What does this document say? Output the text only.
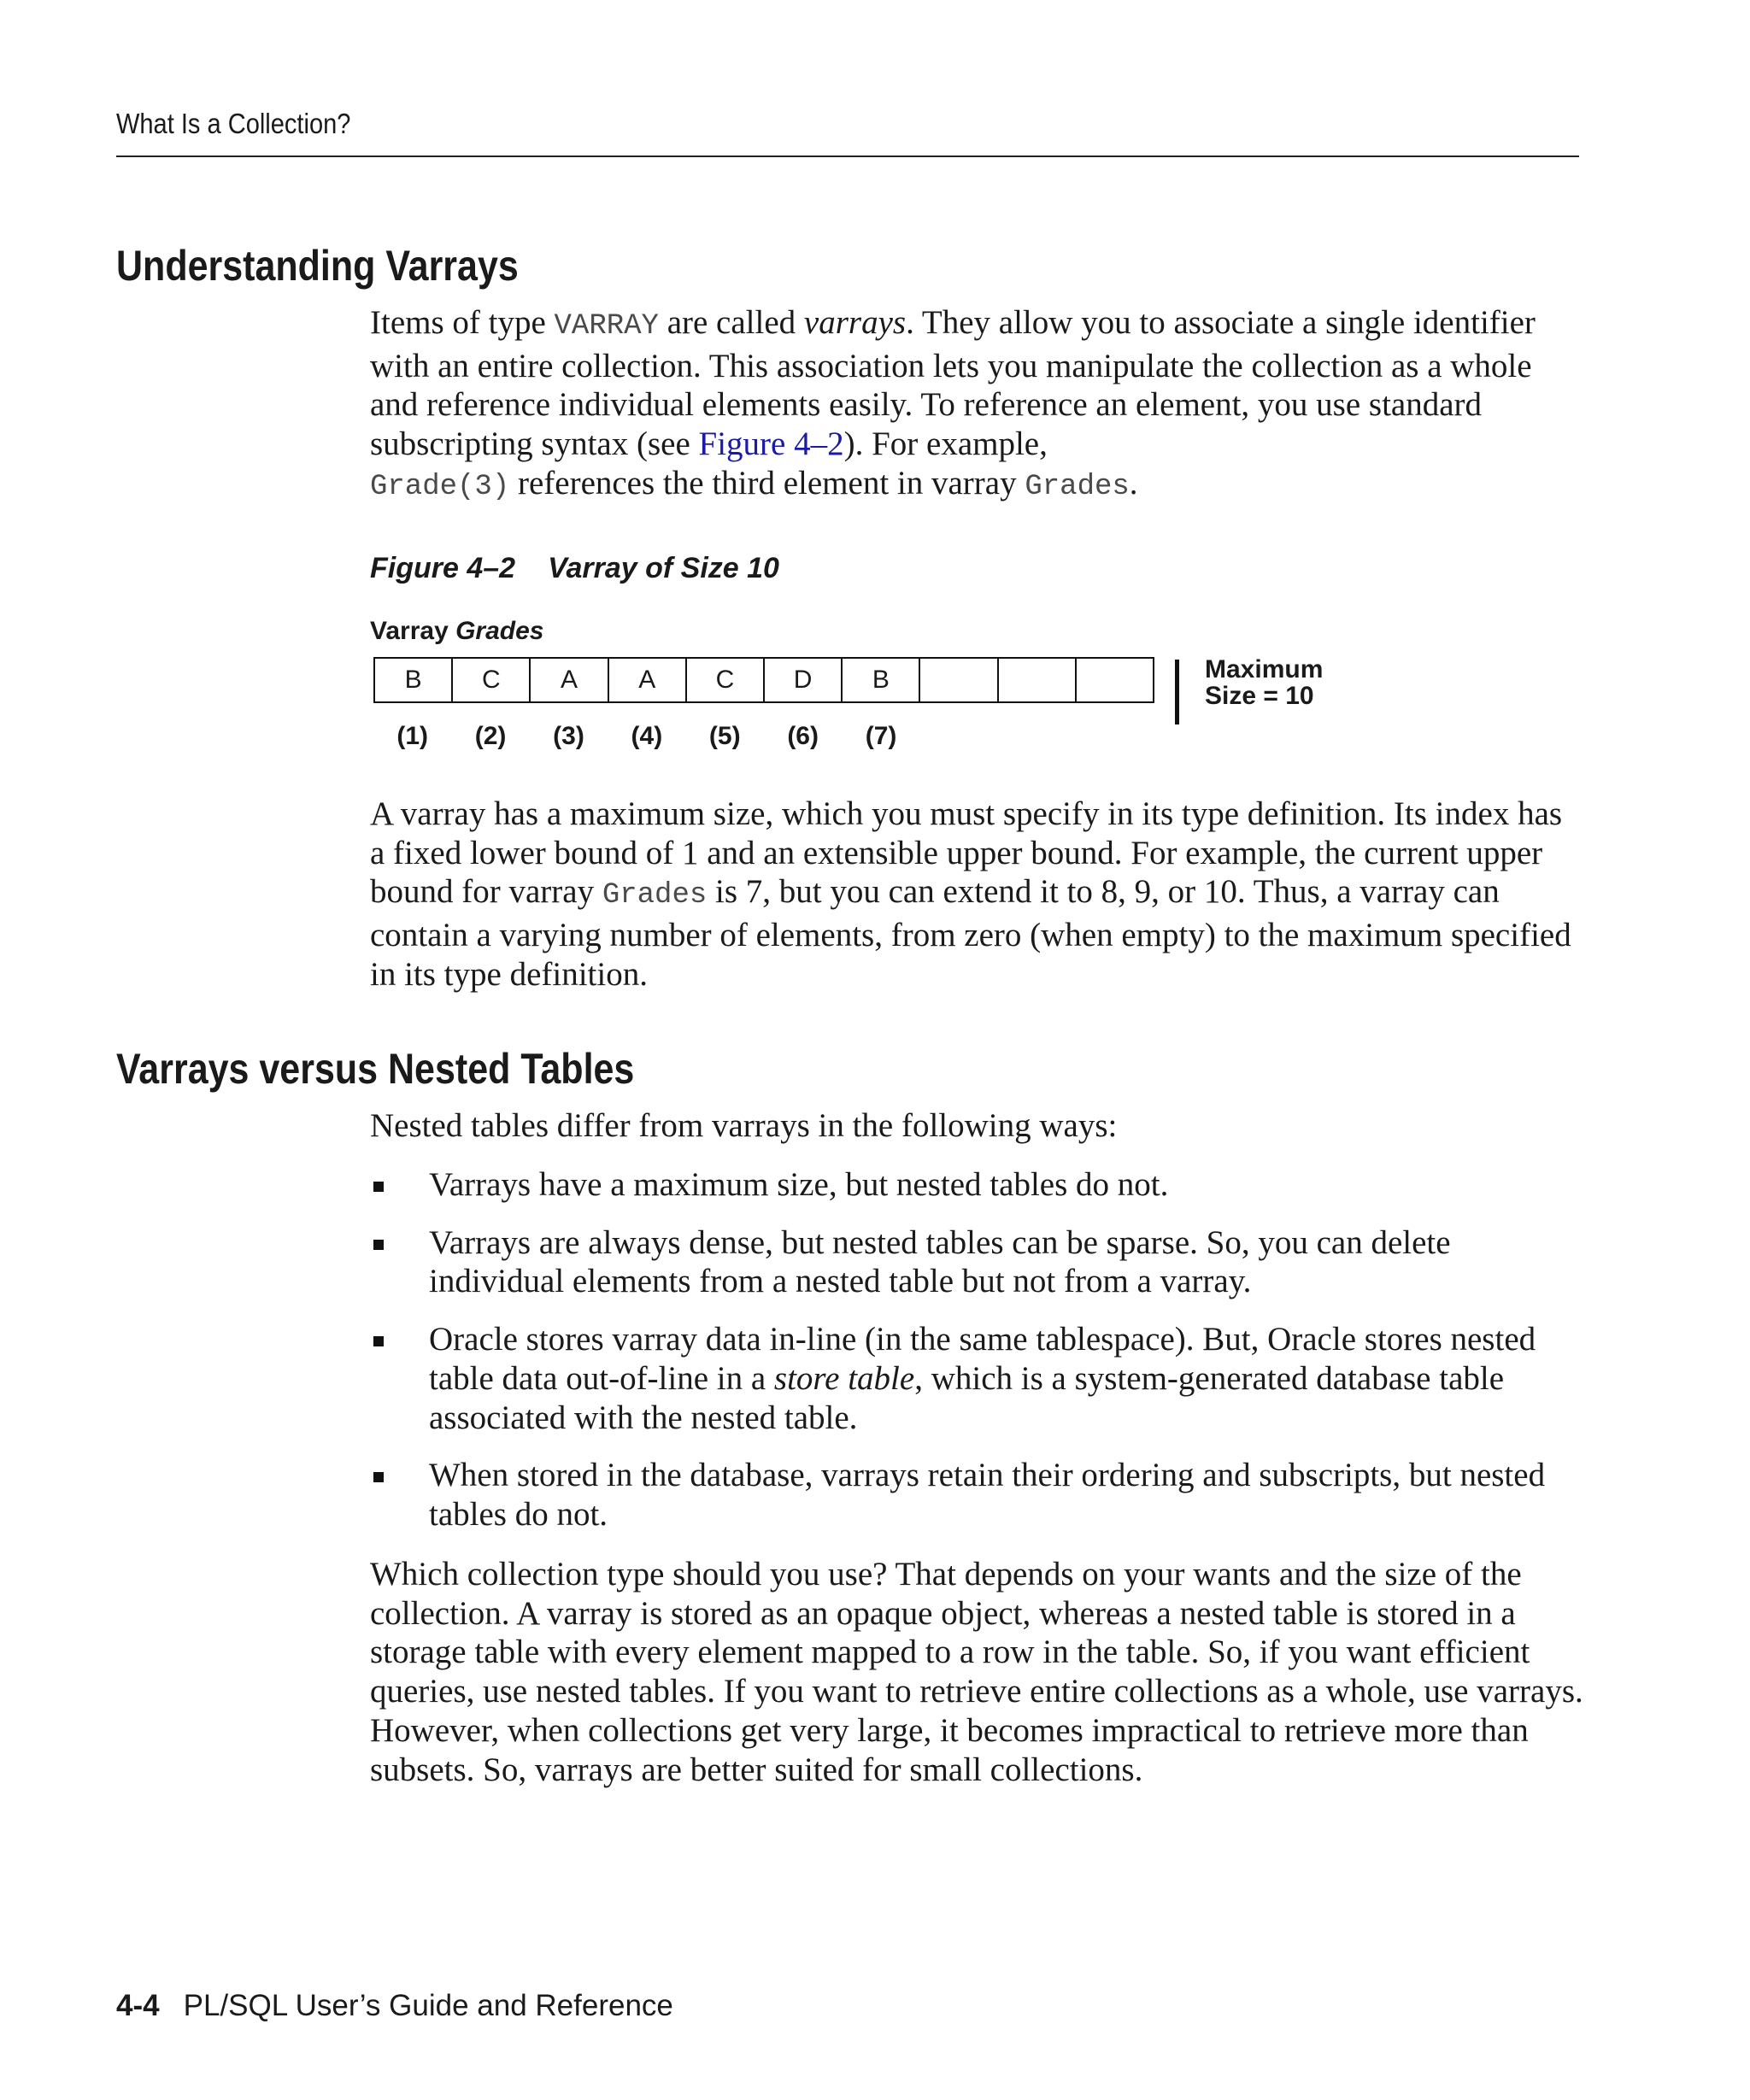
What Is a Collection?
Understanding Varrays

Items of type VARRAY are called varrays. They allow you to associate a single identifier with an entire collection. This association lets you manipulate the collection as a whole and reference individual elements easily. To reference an element, you use standard subscripting syntax (see Figure 4–2). For example,
Grade(3) references the third element in varray Grades.

Figure 4–2 Varray of Size 10

Varray Grades
B	C	A	A	C	D	B
(1)	(2)	(3)	(4)	(5)	(6)	(7)
Maximum
Size = 10

A varray has a maximum size, which you must specify in its type definition. Its index has a fixed lower bound of 1 and an extensible upper bound. For example, the current upper bound for varray Grades is 7, but you can extend it to 8, 9, or 10. Thus, a varray can contain a varying number of elements, from zero (when empty) to the maximum specified in its type definition.

Varrays versus Nested Tables

Nested tables differ from varrays in the following ways:

Varrays have a maximum size, but nested tables do not.
Varrays are always dense, but nested tables can be sparse. So, you can delete individual elements from a nested table but not from a varray.
Oracle stores varray data in-line (in the same tablespace). But, Oracle stores nested table data out-of-line in a store table, which is a system-generated database table associated with the nested table.
When stored in the database, varrays retain their ordering and subscripts, but nested tables do not.

Which collection type should you use? That depends on your wants and the size of the collection. A varray is stored as an opaque object, whereas a nested table is stored in a storage table with every element mapped to a row in the table. So, if you want efficient queries, use nested tables. If you want to retrieve entire collections as a whole, use varrays. However, when collections get very large, it becomes impractical to retrieve more than subsets. So, varrays are better suited for small collections.

4-4 PL/SQL User’s Guide and Reference
